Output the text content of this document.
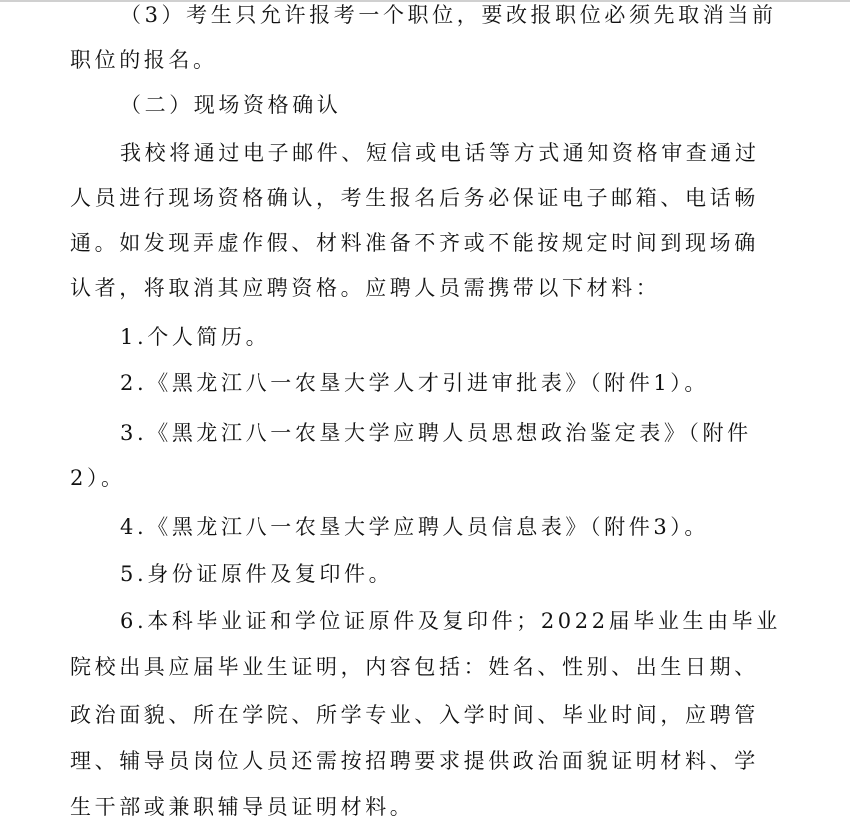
（3）考生只允许报考一个职位，要改报职位必须先取消当前
职位的报名。
（二）现场资格确认
我校将通过电子邮件、短信或电话等方式通知资格审查通过
人员进行现场资格确认，考生报名后务必保证电子邮箱、电话畅
通。如发现弄虚作假、材料准备不齐或不能按规定时间到现场确
认者，将取消其应聘资格。应聘人员需携带以下材料：
1.个人简历。
2.《黑龙江八一农垦大学人才引进审批表》（附件1）。
3.《黑龙江八一农垦大学应聘人员思想政治鉴定表》（附件
2）。
4.《黑龙江八一农垦大学应聘人员信息表》（附件3）。
5.身份证原件及复印件。
6.本科毕业证和学位证原件及复印件；2022届毕业生由毕业
院校出具应届毕业生证明，内容包括：姓名、性别、出生日期、
政治面貌、所在学院、所学专业、入学时间、毕业时间，应聘管
理、辅导员岗位人员还需按招聘要求提供政治面貌证明材料、学
生干部或兼职辅导员证明材料。
